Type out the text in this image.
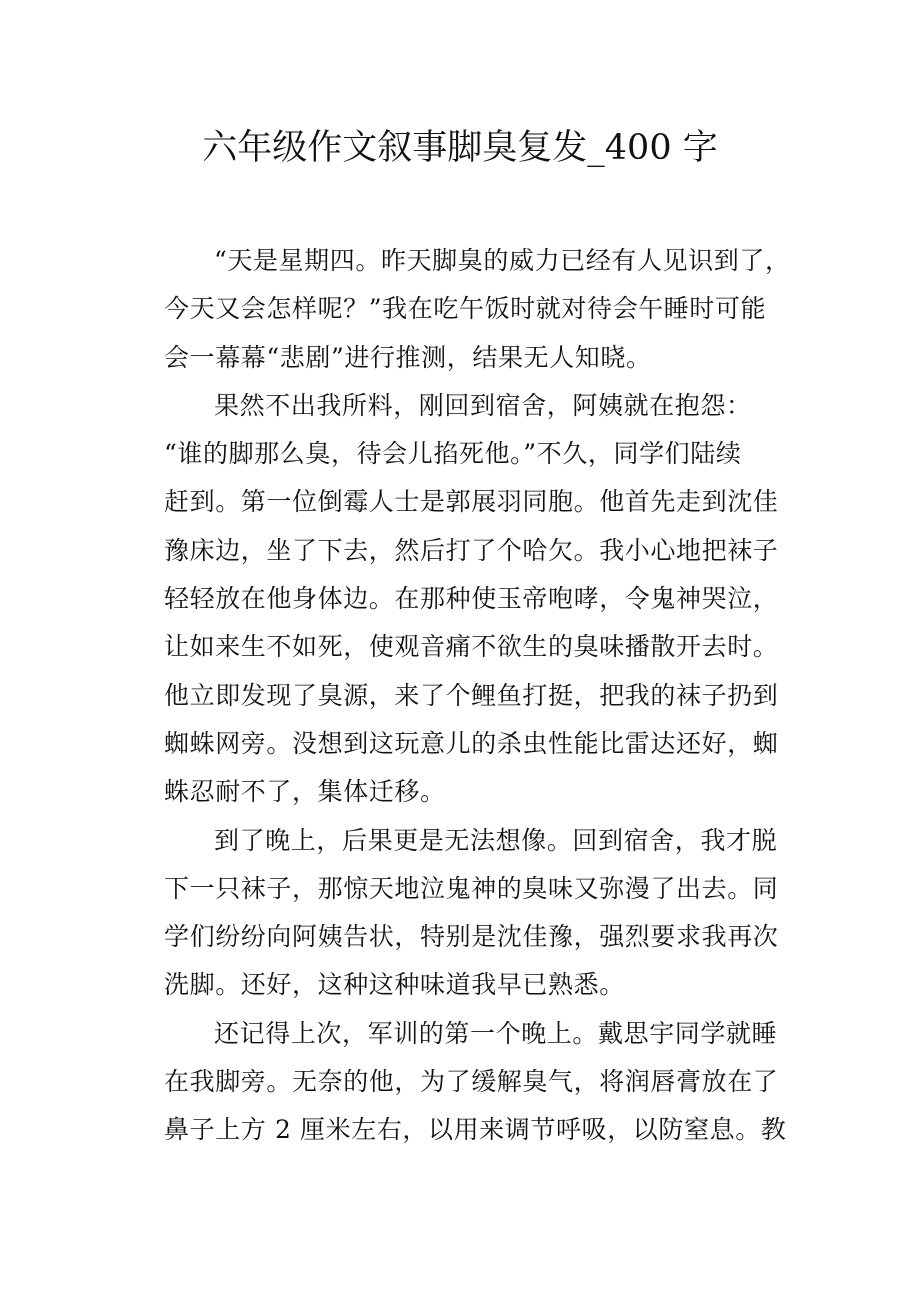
六年级作文叙事脚臭复发_400 字
“天是星期四。昨天脚臭的威力已经有人见识到了，
今天又会怎样呢？”我在吃午饭时就对待会午睡时可能
会一幕幕“悲剧”进行推测，结果无人知晓。
果然不出我所料，刚回到宿舍，阿姨就在抱怨：
“谁的脚那么臭，待会儿掐死他。”不久，同学们陆续
赶到。第一位倒霉人士是郭展羽同胞。他首先走到沈佳
豫床边，坐了下去，然后打了个哈欠。我小心地把袜子
轻轻放在他身体边。在那种使玉帝咆哮，令鬼神哭泣，
让如来生不如死，使观音痛不欲生的臭味播散开去时。
他立即发现了臭源，来了个鲤鱼打挺，把我的袜子扔到
蜘蛛网旁。没想到这玩意儿的杀虫性能比雷达还好，蜘
蛛忍耐不了，集体迁移。
到了晚上，后果更是无法想像。回到宿舍，我才脱
下一只袜子，那惊天地泣鬼神的臭味又弥漫了出去。同
学们纷纷向阿姨告状，特别是沈佳豫，强烈要求我再次
洗脚。还好，这种这种味道我早已熟悉。
还记得上次，军训的第一个晚上。戴思宇同学就睡
在我脚旁。无奈的他，为了缓解臭气，将润唇膏放在了
鼻子上方 2 厘米左右，以用来调节呼吸，以防窒息。教
